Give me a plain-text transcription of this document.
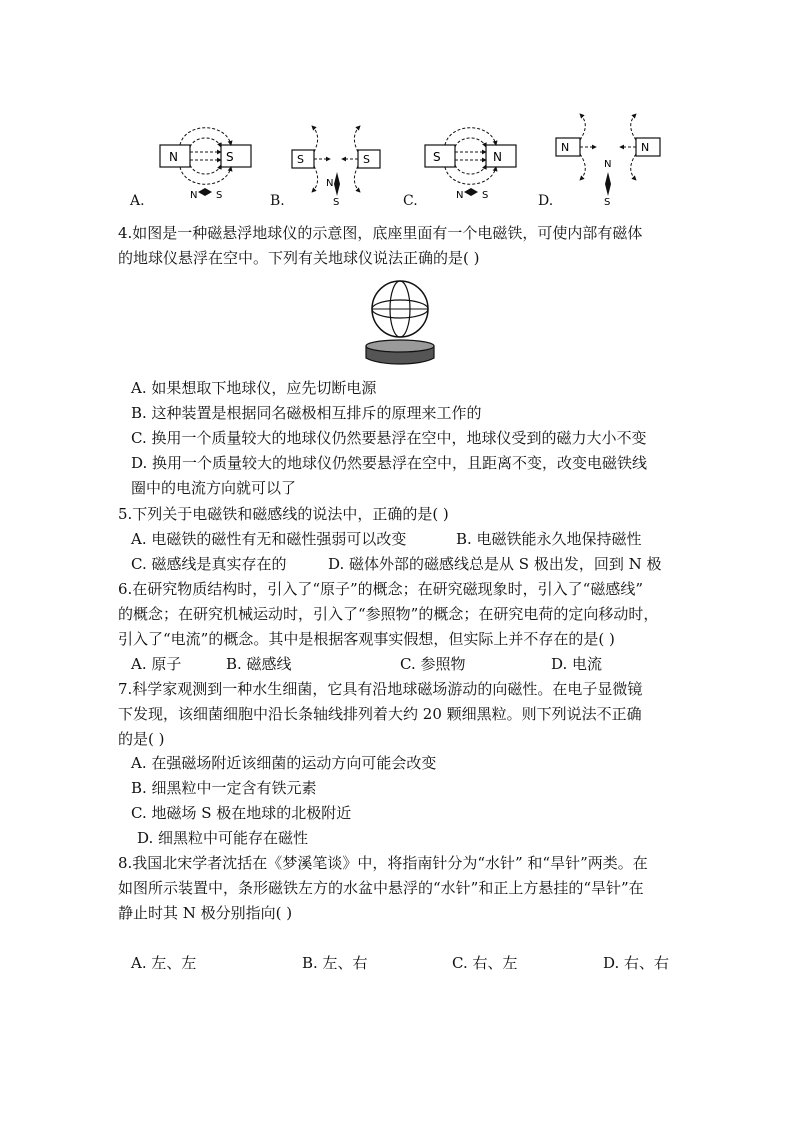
N	S
N S
S	S
N
S
S	N
N S
N	N
N
S
A.	B.	C.	D.
4.如图是一种磁悬浮地球仪的示意图，底座里面有一个电磁铁，可使内部有磁体
的地球仪悬浮在空中。下列有关地球仪说法正确的是( )
A. 如果想取下地球仪，应先切断电源
B. 这种装置是根据同名磁极相互排斥的原理来工作的
C. 换用一个质量较大的地球仪仍然要悬浮在空中，地球仪受到的磁力大小不变
D. 换用一个质量较大的地球仪仍然要悬浮在空中，且距离不变，改变电磁铁线
圈中的电流方向就可以了
5.下列关于电磁铁和磁感线的说法中，正确的是( )
A. 电磁铁的磁性有无和磁性强弱可以改变	B. 电磁铁能永久地保持磁性
C. 磁感线是真实存在的	D. 磁体外部的磁感线总是从 S 极出发，回到 N 极
6.在研究物质结构时，引入了“原子”的概念；在研究磁现象时，引入了“磁感线”
的概念；在研究机械运动时，引入了“参照物”的概念；在研究电荷的定向移动时，
引入了“电流”的概念。其中是根据客观事实假想，但实际上并不存在的是( )
A. 原子	B. 磁感线	C. 参照物	D. 电流
7.科学家观测到一种水生细菌，它具有沿地球磁场游动的向磁性。在电子显微镜
下发现，该细菌细胞中沿长条轴线排列着大约 20 颗细黑粒。则下列说法不正确
的是( )
A. 在强磁场附近该细菌的运动方向可能会改变
B. 细黑粒中一定含有铁元素
C. 地磁场 S 极在地球的北极附近
D. 细黑粒中可能存在磁性
8.我国北宋学者沈括在《梦溪笔谈》中，将指南针分为“水针” 和“旱针”两类。在
如图所示装置中，条形磁铁左方的水盆中悬浮的“水针”和正上方悬挂的“旱针”在
静止时其 N 极分别指向( )
A. 左、左	B. 左、右	C. 右、左	D. 右、右
